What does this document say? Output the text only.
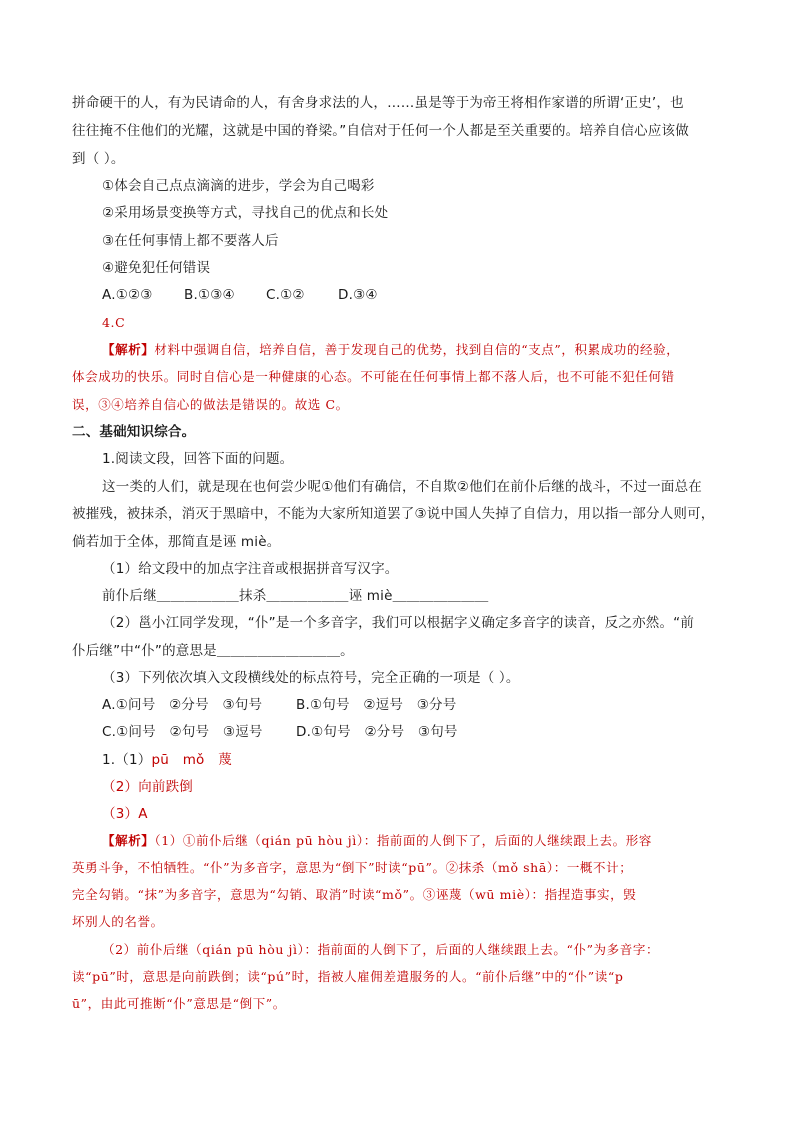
拼命硬干的人，有为民请命的人，有舍身求法的人，……虽是等于为帝王将相作家谱的所谓‘正史’，也
往往掩不住他们的光耀，这就是中国的脊梁。”自信对于任何一个人都是至关重要的。培养自信心应该做
到（ ）。
①体会自己点点滴滴的进步，学会为自己喝彩
②采用场景变换等方式，寻找自己的优点和长处
③在任何事情上都不要落人后
④避免犯任何错误
A.①②③ B.①③④ C.①② D.③④
4.C
【解析】材料中强调自信，培养自信，善于发现自己的优势，找到自信的“支点”，积累成功的经验，
体会成功的快乐。同时自信心是一种健康的心态。不可能在任何事情上都不落人后，也不可能不犯任何错
误，③④培养自信心的做法是错误的。故选 C。
二、基础知识综合。
1.阅读文段，回答下面的问题。
这一类的人们，就是现在也何尝少呢①他们有确信，不自欺②他们在前仆后继的战斗，不过一面总在
被摧残，被抹杀，消灭于黑暗中，不能为大家所知道罢了③说中国人失掉了自信力，用以指一部分人则可，
倘若加于全体，那简直是诬 miè。
（1）给文段中的加点字注音或根据拼音写汉字。
前仆后继＿＿＿＿＿＿抹杀＿＿＿＿＿＿诬 miè＿＿＿＿＿＿＿
（2）邕小江同学发现，“仆”是一个多音字，我们可以根据字义确定多音字的读音，反之亦然。“前
仆后继”中“仆”的意思是＿＿＿＿＿＿＿＿＿。
（3）下列依次填入文段横线处的标点符号，完全正确的一项是（ ）。
A.①问号　②分号　③句号	B.①句号　②逗号　③分号
C.①问号　②句号　③逗号 D.①句号　②分号　③句号
1.（1）pū　mǒ　蔑
（2）向前跌倒
（3）A
【解析】（1）①前仆后继（qián pū hòu jì）：指前面的人倒下了，后面的人继续跟上去。形容
英勇斗争，不怕牺牲。“仆”为多音字，意思为“倒下”时读“pū”。②抹杀（mǒ shā）：一概不计；
完全勾销。“抹”为多音字，意思为“勾销、取消”时读“mǒ”。③诬蔑（wū miè）：指捏造事实，毁
坏别人的名誉。
（2）前仆后继（qián pū hòu jì）：指前面的人倒下了，后面的人继续跟上去。“仆”为多音字：
读“pū”时，意思是向前跌倒；读“pú”时，指被人雇佣差遣服务的人。“前仆后继”中的“仆”读“p
ū”，由此可推断“仆”意思是“倒下”。
